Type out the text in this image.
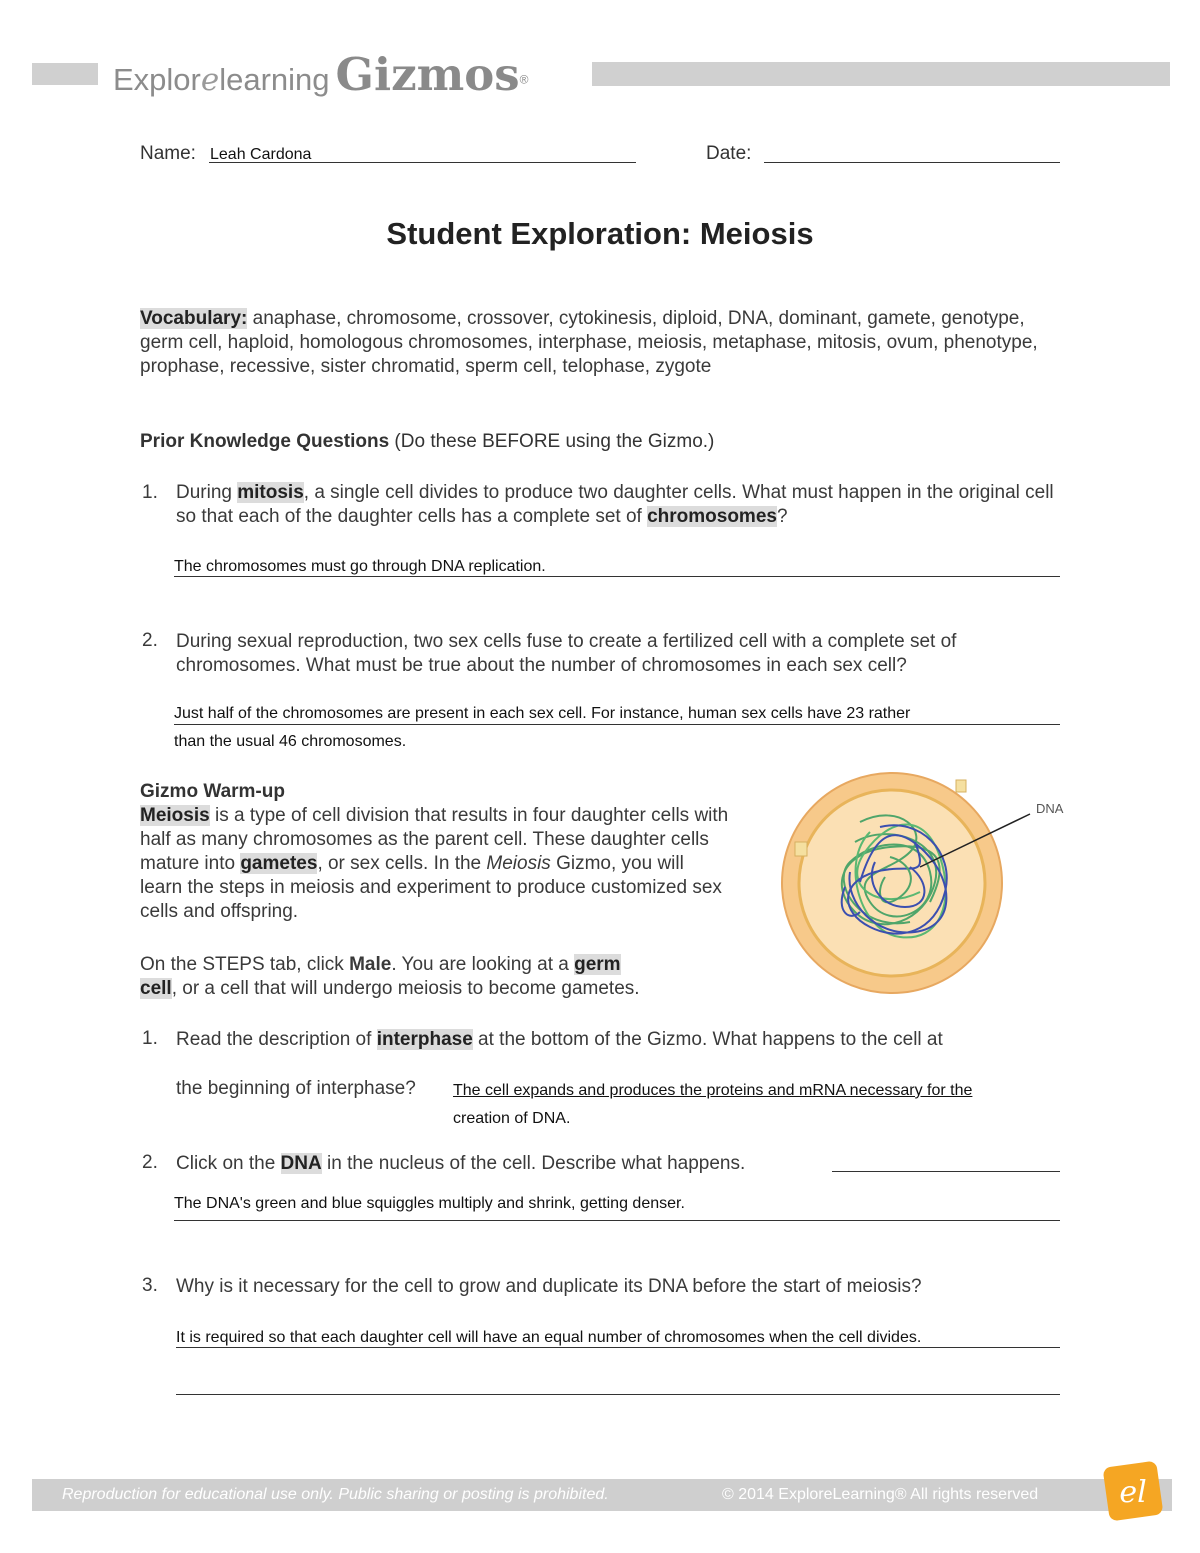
Explorelearning Gizmos®
Name: Leah Cardona	Date:
Student Exploration: Meiosis
Vocabulary: anaphase, chromosome, crossover, cytokinesis, diploid, DNA, dominant, gamete, genotype, germ cell, haploid, homologous chromosomes, interphase, meiosis, metaphase, mitosis, ovum, phenotype, prophase, recessive, sister chromatid, sperm cell, telophase, zygote
Prior Knowledge Questions (Do these BEFORE using the Gizmo.)
1. During mitosis, a single cell divides to produce two daughter cells. What must happen in the original cell so that each of the daughter cells has a complete set of chromosomes?
The chromosomes must go through DNA replication.
2. During sexual reproduction, two sex cells fuse to create a fertilized cell with a complete set of chromosomes. What must be true about the number of chromosomes in each sex cell?
Just half of the chromosomes are present in each sex cell. For instance, human sex cells have 23 rather
than the usual 46 chromosomes.
Gizmo Warm-up
Meiosis is a type of cell division that results in four daughter cells with half as many chromosomes as the parent cell. These daughter cells mature into gametes, or sex cells. In the Meiosis Gizmo, you will learn the steps in meiosis and experiment to produce customized sex cells and offspring.
On the STEPS tab, click Male. You are looking at a germ
cell, or a cell that will undergo meiosis to become gametes.
DNA
1. Read the description of interphase at the bottom of the Gizmo. What happens to the cell at
the beginning of interphase? The cell expands and produces the proteins and mRNA necessary for the
creation of DNA.
2. Click on the DNA in the nucleus of the cell. Describe what happens.
The DNA's green and blue squiggles multiply and shrink, getting denser.
3. Why is it necessary for the cell to grow and duplicate its DNA before the start of meiosis?
It is required so that each daughter cell will have an equal number of chromosomes when the cell divides.
Reproduction for educational use only. Public sharing or posting is prohibited.	© 2014 ExploreLearning® All rights reserved	el
